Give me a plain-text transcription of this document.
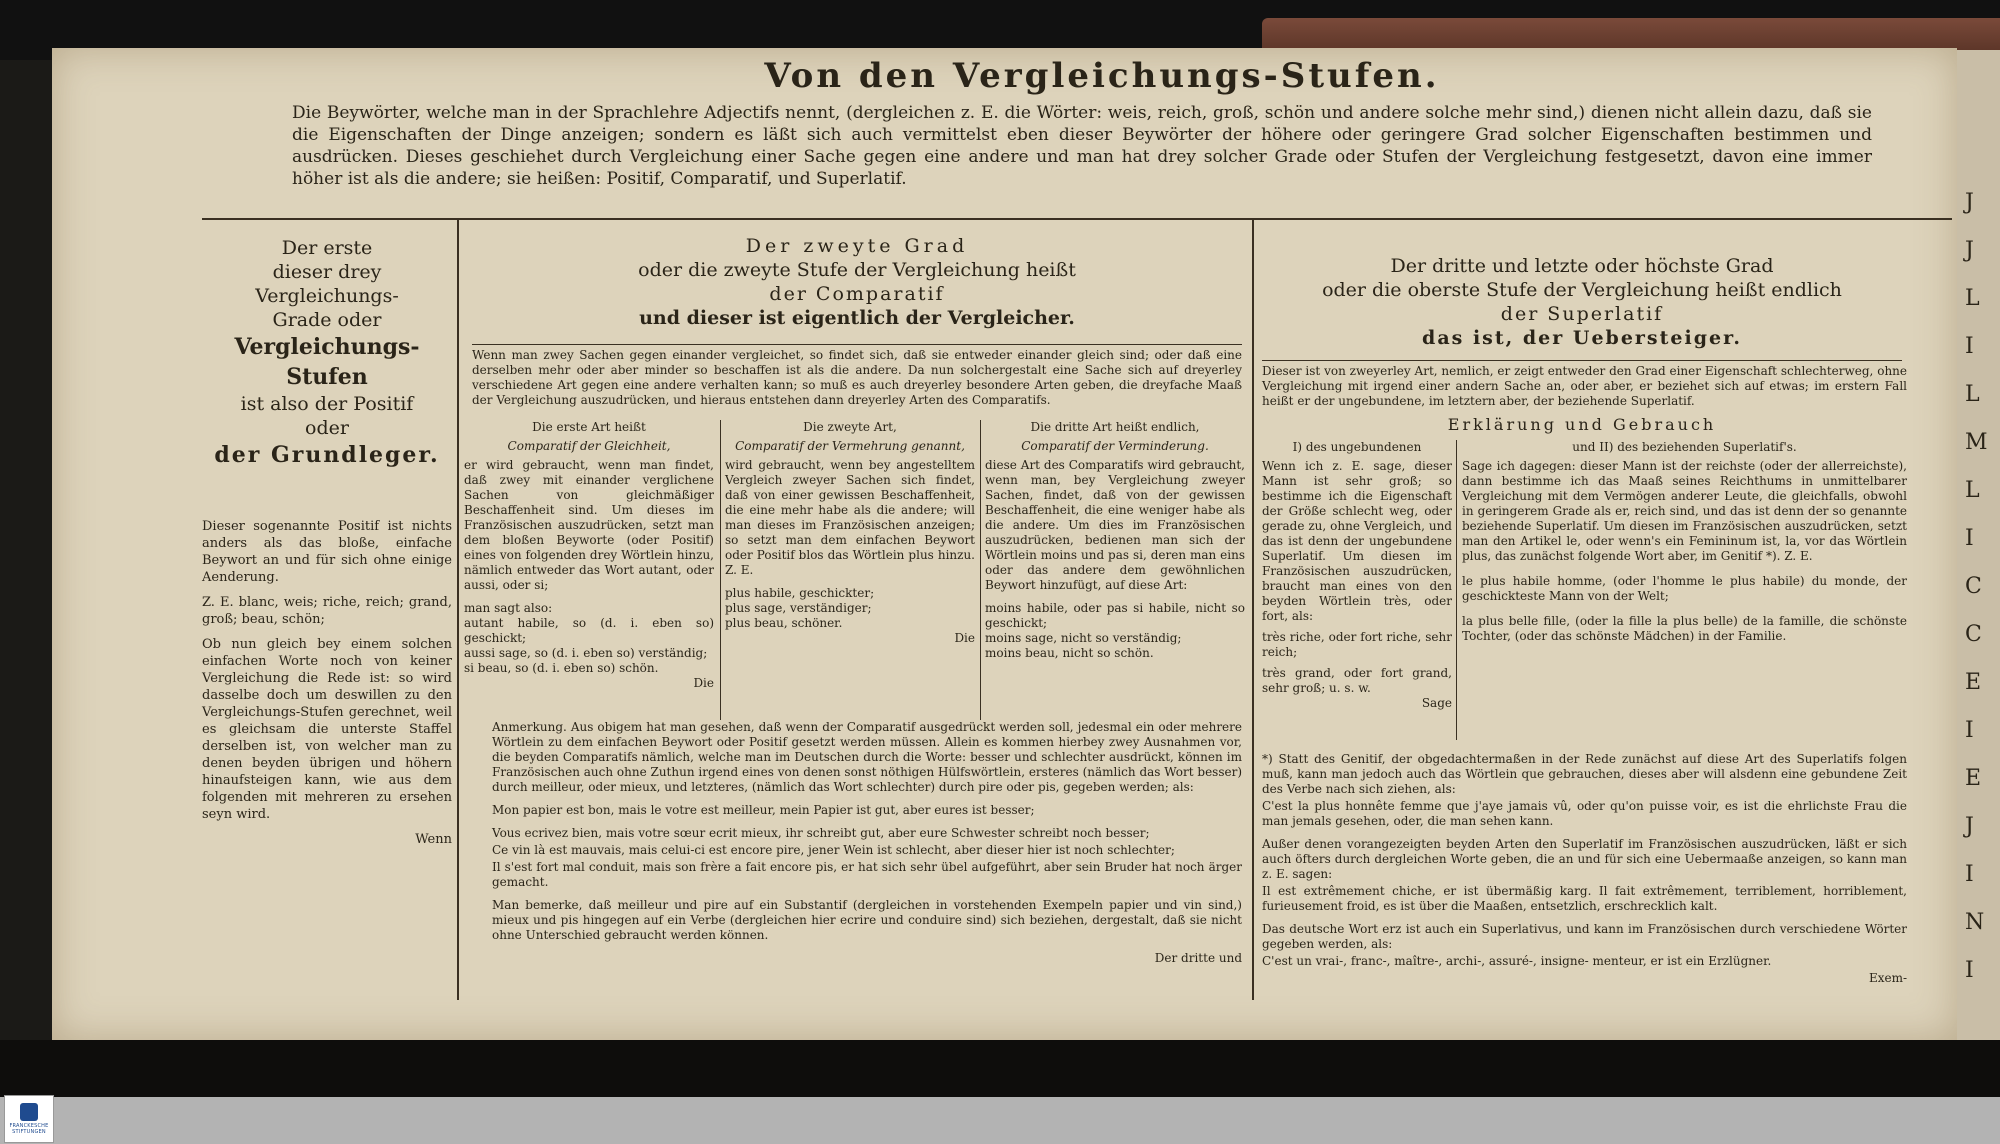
J
J
L
I
L
M
L
I
C
C
E
I
E
J
I
N
I
Von den Vergleichungs-Stufen.
Die Beywörter, welche man in der Sprachlehre Adjectifs nennt, (dergleichen z. E. die Wörter: weis, reich, groß, schön und andere solche mehr sind,) dienen nicht allein dazu, daß sie die Eigenschaften der Dinge anzeigen; sondern es läßt sich auch vermittelst eben dieser Beywörter der höhere oder geringere Grad solcher Eigenschaften bestimmen und ausdrücken. Dieses geschiehet durch Vergleichung einer Sache gegen eine andere und man hat drey solcher Grade oder Stufen der Vergleichung festgesetzt, davon eine immer höher ist als die andere; sie heißen: Positif, Comparatif, und Superlatif.
Der erste
dieser drey Vergleichungs-
Grade oder
Vergleichungs-Stufen
ist also der Positif
oder
der Grundleger.

Dieser sogenannte Positif ist nichts anders als das bloße, einfache Beywort an und für sich ohne einige Aenderung.

Z. E. blanc, weis; riche, reich; grand, groß; beau, schön;

Ob nun gleich bey einem solchen einfachen Worte noch von keiner Vergleichung die Rede ist: so wird dasselbe doch um deswillen zu den Vergleichungs-Stufen gerechnet, weil es gleichsam die unterste Staffel derselben ist, von welcher man zu denen beyden übrigen und höhern hinaufsteigen kann, wie aus dem folgenden mit mehreren zu ersehen seyn wird.

Wenn

Der zweyte Grad
oder die zweyte Stufe der Vergleichung heißt
der Comparatif
und dieser ist eigentlich der Vergleicher.
Wenn man zwey Sachen gegen einander vergleichet, so findet sich, daß sie entweder einander gleich sind; oder daß eine derselben mehr oder aber minder so beschaffen ist als die andere. Da nun solchergestalt eine Sache sich auf dreyerley verschiedene Art gegen eine andere verhalten kann; so muß es auch dreyerley besondere Arten geben, die dreyfache Maaß der Vergleichung auszudrücken, und hieraus entstehen dann dreyerley Arten des Comparatifs.
Die erste Art heißt
Comparatif der Gleichheit,
er wird gebraucht, wenn man findet, daß zwey mit einander verglichene Sachen von gleichmäßiger Beschaffenheit sind. Um dieses im Französischen auszudrücken, setzt man dem bloßen Beyworte (oder Positif) eines von folgenden drey Wörtlein hinzu, nämlich entweder das Wort autant, oder aussi, oder si;
man sagt also:
autant habile, so (d. i. eben so) geschickt;
aussi sage, so (d. i. eben so) verständig;
si beau, so (d. i. eben so) schön.
Die
Die zweyte Art,
Comparatif der Vermehrung genannt,
wird gebraucht, wenn bey angestelltem Vergleich zweyer Sachen sich findet, daß von einer gewissen Beschaffenheit, die eine mehr habe als die andere; will man dieses im Französischen anzeigen; so setzt man dem einfachen Beywort oder Positif blos das Wörtlein plus hinzu. Z. E.
plus habile, geschickter;
plus sage, verständiger;
plus beau, schöner.
Die
Die dritte Art heißt endlich,
Comparatif der Verminderung.
diese Art des Comparatifs wird gebraucht, wenn man, bey Vergleichung zweyer Sachen, findet, daß von der gewissen Beschaffenheit, die eine weniger habe als die andere. Um dies im Französischen auszudrücken, bedienen man sich der Wörtlein moins und pas si, deren man eins oder das andere dem gewöhnlichen Beywort hinzufügt, auf diese Art:
moins habile, oder pas si habile, nicht so geschickt;
moins sage, nicht so verständig;
moins beau, nicht so schön.

Anmerkung. Aus obigem hat man gesehen, daß wenn der Comparatif ausgedrückt werden soll, jedesmal ein oder mehrere Wörtlein zu dem einfachen Beywort oder Positif gesetzt werden müssen. Allein es kommen hierbey zwey Ausnahmen vor, die beyden Comparatifs nämlich, welche man im Deutschen durch die Worte: besser und schlechter ausdrückt, können im Französischen auch ohne Zuthun irgend eines von denen sonst nöthigen Hülfswörtlein, ersteres (nämlich das Wort besser) durch meilleur, oder mieux, und letzteres, (nämlich das Wort schlechter) durch pire oder pis, gegeben werden; als:

Mon papier est bon, mais le votre est meilleur, mein Papier ist gut, aber eures ist besser;

Vous ecrivez bien, mais votre sœur ecrit mieux, ihr schreibt gut, aber eure Schwester schreibt noch besser;

Ce vin là est mauvais, mais celui-ci est encore pire, jener Wein ist schlecht, aber dieser hier ist noch schlechter;

Il s'est fort mal conduit, mais son frère a fait encore pis, er hat sich sehr übel aufgeführt, aber sein Bruder hat noch ärger gemacht.

Man bemerke, daß meilleur und pire auf ein Substantif (dergleichen in vorstehenden Exempeln papier und vin sind,) mieux und pis hingegen auf ein Verbe (dergleichen hier ecrire und conduire sind) sich beziehen, dergestalt, daß sie nicht ohne Unterschied gebraucht werden können.

Der dritte und

Der dritte und letzte oder höchste Grad
oder die oberste Stufe der Vergleichung heißt endlich
der Superlatif
das ist, der Uebersteiger.
Dieser ist von zweyerley Art, nemlich, er zeigt entweder den Grad einer Eigenschaft schlechterweg, ohne Vergleichung mit irgend einer andern Sache an, oder aber, er beziehet sich auf etwas; im erstern Fall heißt er der ungebundene, im letztern aber, der beziehende Superlatif.
Erklärung und Gebrauch
I) des ungebundenen
Wenn ich z. E. sage, dieser Mann ist sehr groß; so bestimme ich die Eigenschaft der Größe schlecht weg, oder gerade zu, ohne Vergleich, und das ist denn der ungebundene Superlatif. Um diesen im Französischen auszudrücken, braucht man eines von den beyden Wörtlein très, oder fort, als:
très riche, oder fort riche, sehr reich;
très grand, oder fort grand, sehr groß; u. s. w.
Sage
und II) des beziehenden Superlatif's.
Sage ich dagegen: dieser Mann ist der reichste (oder der allerreichste), dann bestimme ich das Maaß seines Reichthums in unmittelbarer Vergleichung mit dem Vermögen anderer Leute, die gleichfalls, obwohl in geringerem Grade als er, reich sind, und das ist denn der so genannte beziehende Superlatif. Um diesen im Französischen auszudrücken, setzt man den Artikel le, oder wenn's ein Femininum ist, la, vor das Wörtlein plus, das zunächst folgende Wort aber, im Genitif *). Z. E.
le plus habile homme, (oder l'homme le plus habile) du monde, der geschickteste Mann von der Welt;
la plus belle fille, (oder la fille la plus belle) de la famille, die schönste Tochter, (oder das schönste Mädchen) in der Familie.

*) Statt des Genitif, der obgedachtermaßen in der Rede zunächst auf diese Art des Superlatifs folgen muß, kann man jedoch auch das Wörtlein que gebrauchen, dieses aber will alsdenn eine gebundene Zeit des Verbe nach sich ziehen, als:

C'est la plus honnête femme que j'aye jamais vû, oder qu'on puisse voir, es ist die ehrlichste Frau die man jemals gesehen, oder, die man sehen kann.

Außer denen vorangezeigten beyden Arten den Superlatif im Französischen auszudrücken, läßt er sich auch öfters durch dergleichen Worte geben, die an und für sich eine Uebermaaße anzeigen, so kann man z. E. sagen:

Il est extrêmement chiche, er ist übermäßig karg. Il fait extrêmement, terriblement, horriblement, furieusement froid, es ist über die Maaßen, entsetzlich, erschrecklich kalt.

Das deutsche Wort erz ist auch ein Superlativus, und kann im Französischen durch verschiedene Wörter gegeben werden, als:

C'est un vrai-, franc-, maître-, archi-, assuré-, insigne- menteur, er ist ein Erzlügner.

Exem-

FRANCKESCHE STIFTUNGEN
